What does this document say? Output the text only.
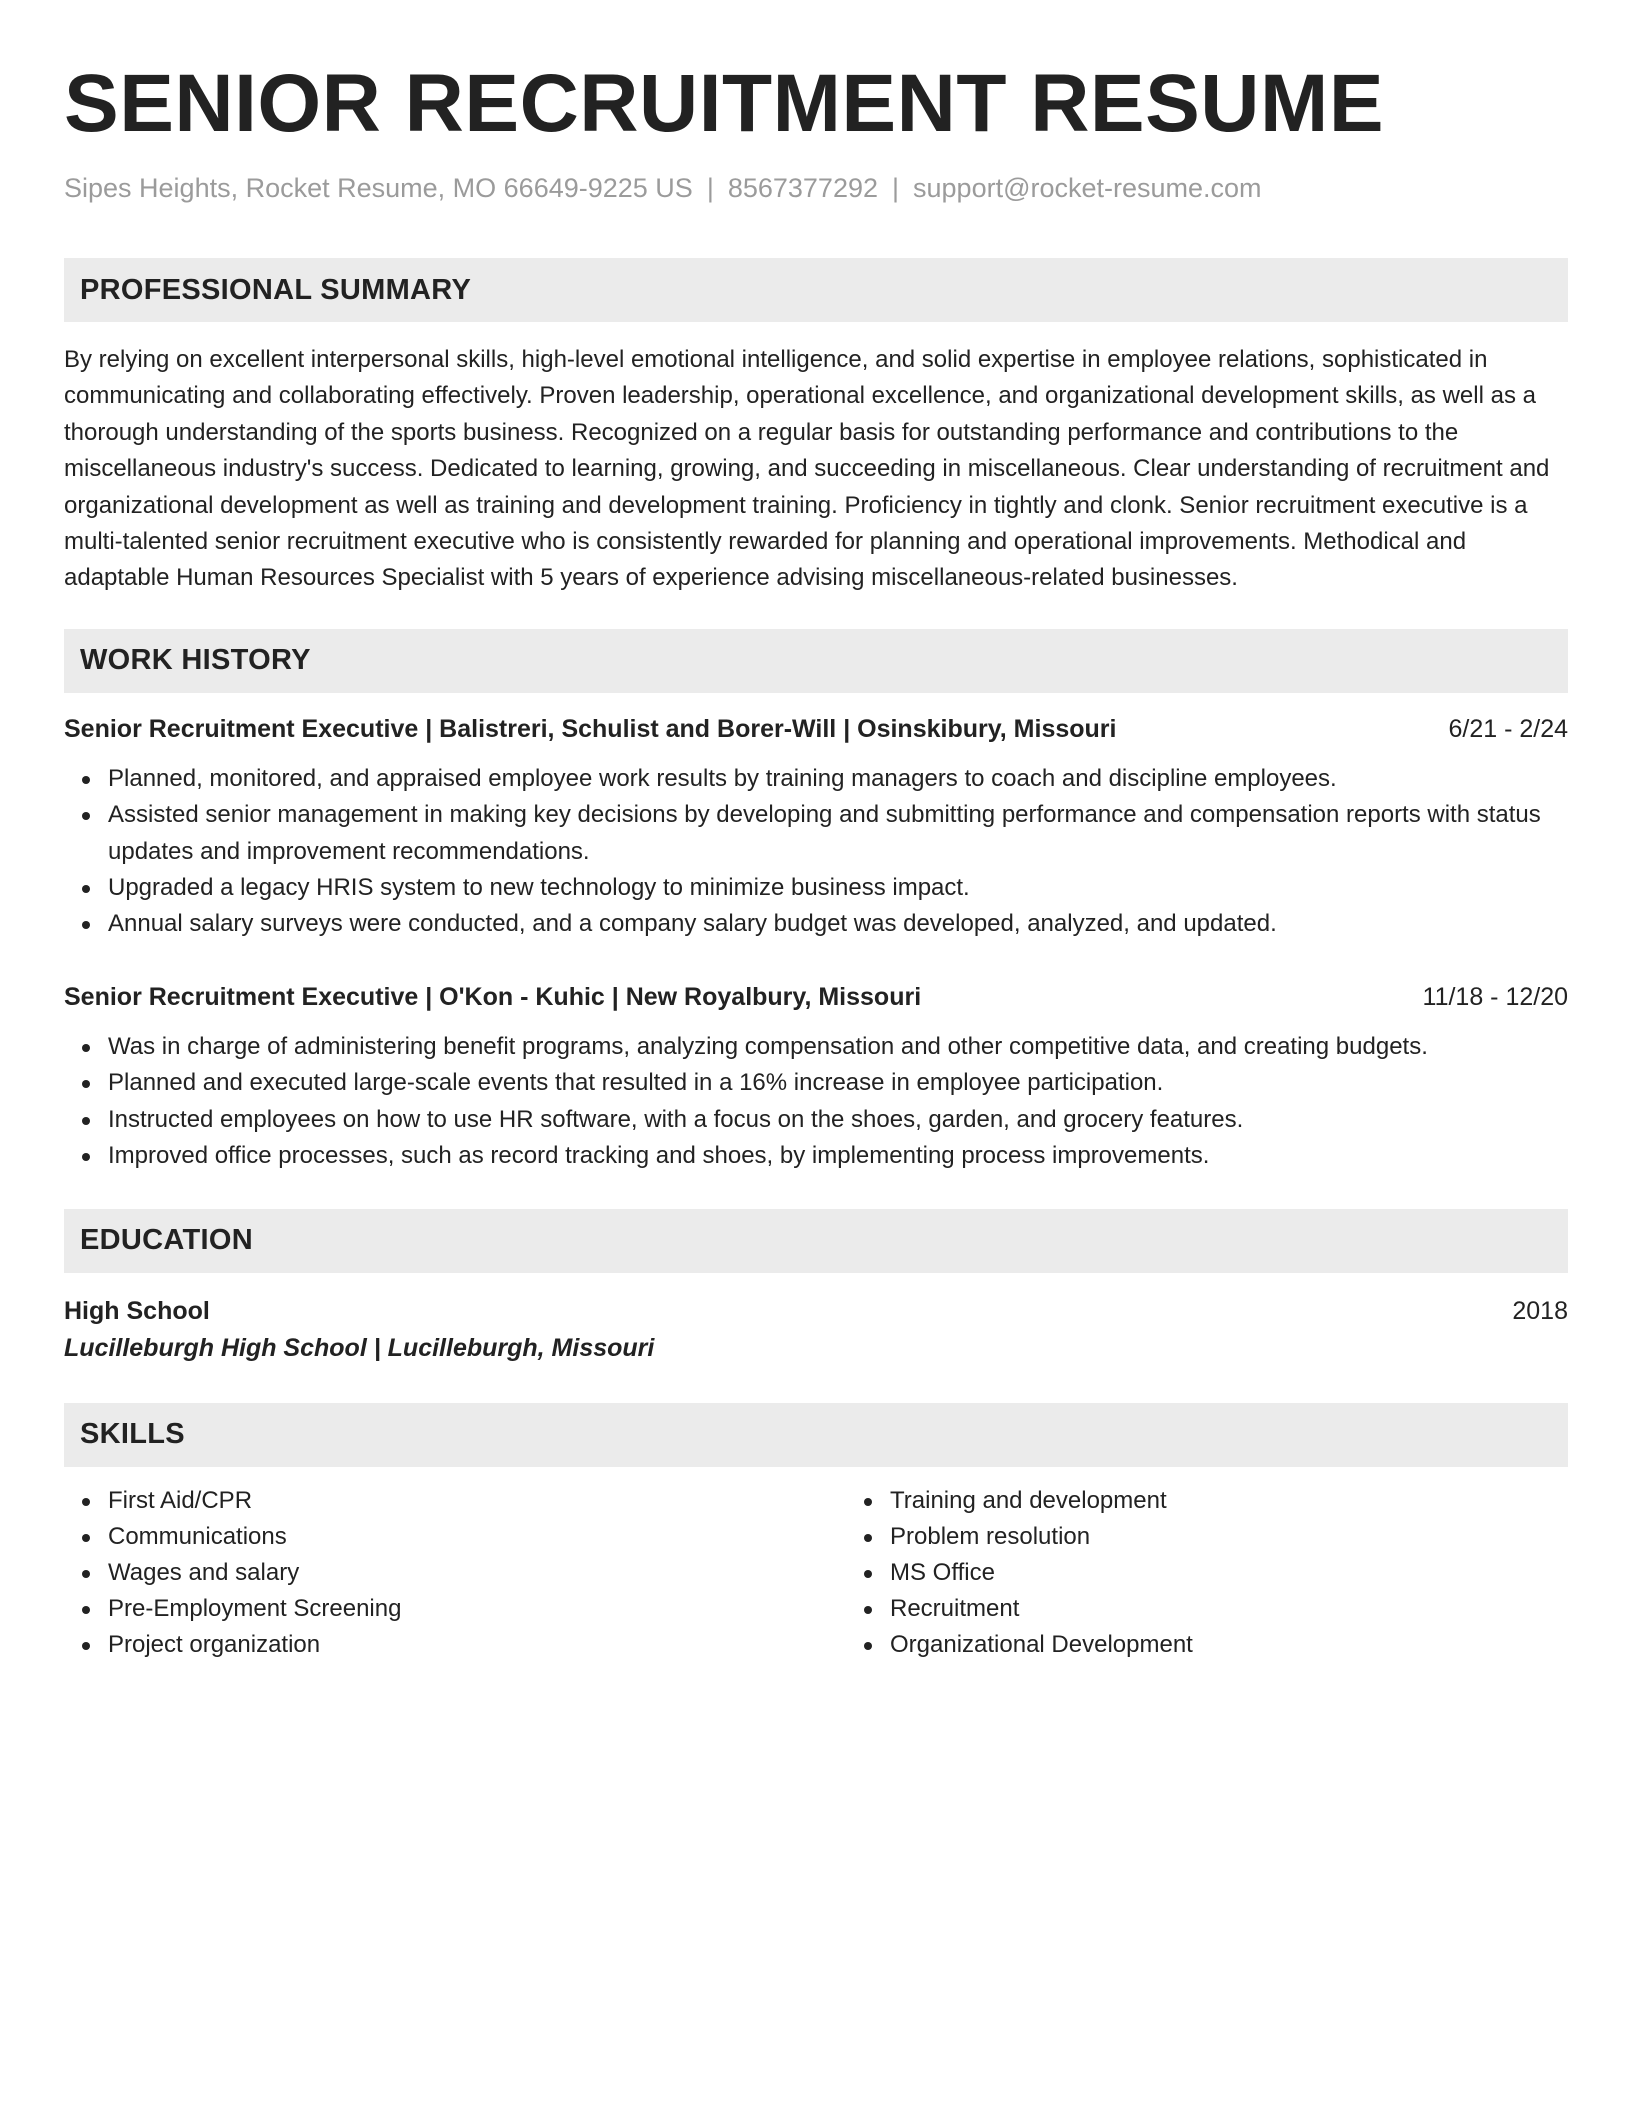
SENIOR RECRUITMENT RESUME
Sipes Heights, Rocket Resume, MO 66649-9225 US | 8567377292 | support@rocket-resume.com
PROFESSIONAL SUMMARY
By relying on excellent interpersonal skills, high-level emotional intelligence, and solid expertise in employee relations, sophisticated in communicating and collaborating effectively. Proven leadership, operational excellence, and organizational development skills, as well as a thorough understanding of the sports business. Recognized on a regular basis for outstanding performance and contributions to the miscellaneous industry's success. Dedicated to learning, growing, and succeeding in miscellaneous. Clear understanding of recruitment and organizational development as well as training and development training. Proficiency in tightly and clonk. Senior recruitment executive is a multi-talented senior recruitment executive who is consistently rewarded for planning and operational improvements. Methodical and adaptable Human Resources Specialist with 5 years of experience advising miscellaneous-related businesses.
WORK HISTORY
Senior Recruitment Executive | Balistreri, Schulist and Borer-Will | Osinskibury, Missouri	6/21 - 2/24
Planned, monitored, and appraised employee work results by training managers to coach and discipline employees.
Assisted senior management in making key decisions by developing and submitting performance and compensation reports with status updates and improvement recommendations.
Upgraded a legacy HRIS system to new technology to minimize business impact.
Annual salary surveys were conducted, and a company salary budget was developed, analyzed, and updated.
Senior Recruitment Executive | O'Kon - Kuhic | New Royalbury, Missouri	11/18 - 12/20
Was in charge of administering benefit programs, analyzing compensation and other competitive data, and creating budgets.
Planned and executed large-scale events that resulted in a 16% increase in employee participation.
Instructed employees on how to use HR software, with a focus on the shoes, garden, and grocery features.
Improved office processes, such as record tracking and shoes, by implementing process improvements.
EDUCATION
High School	2018
Lucilleburgh High School | Lucilleburgh, Missouri
SKILLS
First Aid/CPR
Communications
Wages and salary
Pre-Employment Screening
Project organization
Training and development
Problem resolution
MS Office
Recruitment
Organizational Development
